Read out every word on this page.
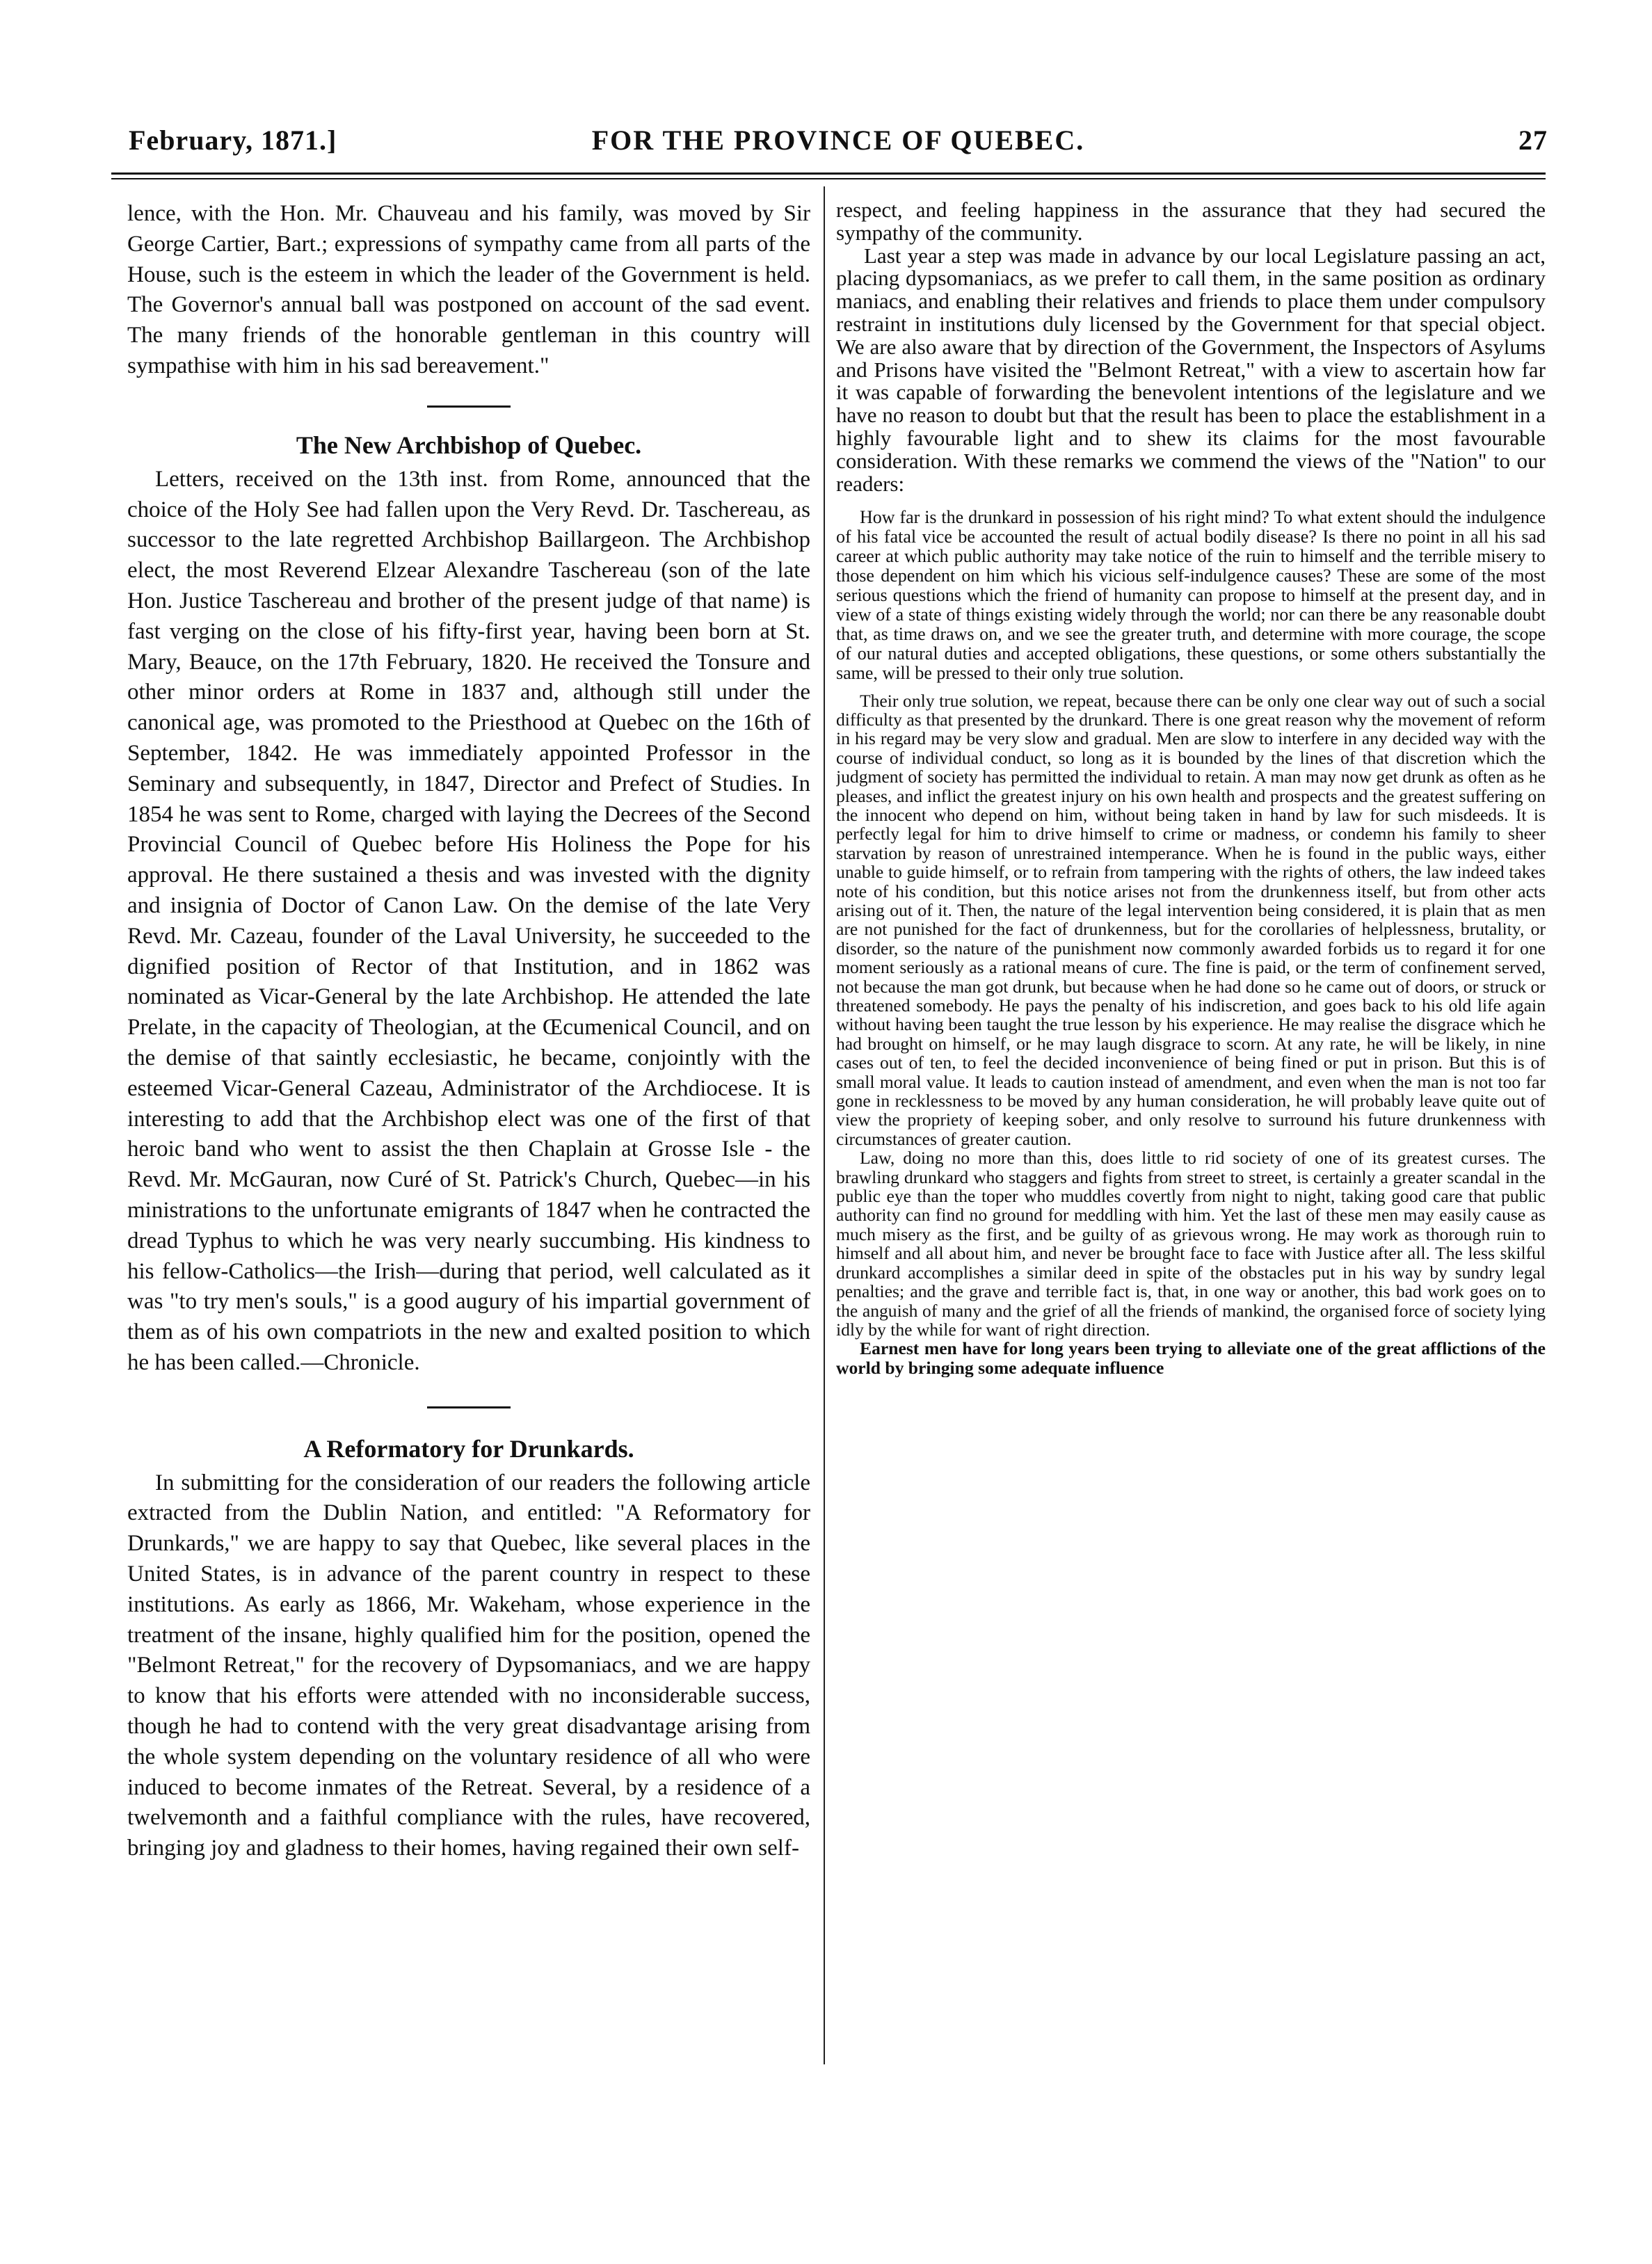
February, 1871.]	FOR THE PROVINCE OF QUEBEC.	27

lence, with the Hon. Mr. Chauveau and his family, was moved by Sir George Cartier, Bart.; expressions of sympathy came from all parts of the House, such is the esteem in which the leader of the Government is held. The Governor's annual ball was postponed on account of the sad event. The many friends of the honorable gentleman in this country will sympathise with him in his sad bereavement."

The New Archbishop of Quebec.

Letters, received on the 13th inst. from Rome, announced that the choice of the Holy See had fallen upon the Very Revd. Dr. Taschereau, as successor to the late regretted Archbishop Baillargeon. The Archbishop elect, the most Reverend Elzear Alexandre Taschereau (son of the late Hon. Justice Taschereau and brother of the present judge of that name) is fast verging on the close of his fifty-first year, having been born at St. Mary, Beauce, on the 17th February, 1820. He received the Tonsure and other minor orders at Rome in 1837 and, although still under the canonical age, was promoted to the Priesthood at Quebec on the 16th of September, 1842. He was immediately appointed Professor in the Seminary and subsequently, in 1847, Director and Prefect of Studies. In 1854 he was sent to Rome, charged with laying the Decrees of the Second Provincial Council of Quebec before His Holiness the Pope for his approval. He there sustained a thesis and was invested with the dignity and insignia of Doctor of Canon Law. On the demise of the late Very Revd. Mr. Cazeau, founder of the Laval University, he succeeded to the dignified position of Rector of that Institution, and in 1862 was nominated as Vicar-General by the late Archbishop. He attended the late Prelate, in the capacity of Theologian, at the Œcumenical Council, and on the demise of that saintly ecclesiastic, he became, conjointly with the esteemed Vicar-General Cazeau, Administrator of the Archdiocese. It is interesting to add that the Archbishop elect was one of the first of that heroic band who went to assist the then Chaplain at Grosse Isle - the Revd. Mr. McGauran, now Curé of St. Patrick's Church, Quebec—in his ministrations to the unfortunate emigrants of 1847 when he contracted the dread Typhus to which he was very nearly succumbing. His kindness to his fellow-Catholics—the Irish—during that period, well calculated as it was "to try men's souls," is a good augury of his impartial government of them as of his own compatriots in the new and exalted position to which he has been called.—Chronicle.

A Reformatory for Drunkards.

In submitting for the consideration of our readers the following article extracted from the Dublin Nation, and entitled: "A Reformatory for Drunkards," we are happy to say that Quebec, like several places in the United States, is in advance of the parent country in respect to these institutions. As early as 1866, Mr. Wakeham, whose experience in the treatment of the insane, highly qualified him for the position, opened the "Belmont Retreat," for the recovery of Dypsomaniacs, and we are happy to know that his efforts were attended with no inconsiderable success, though he had to contend with the very great disadvantage arising from the whole system depending on the voluntary residence of all who were induced to become inmates of the Retreat. Several, by a residence of a twelvemonth and a faithful compliance with the rules, have recovered, bringing joy and gladness to their homes, having regained their own self-

respect, and feeling happiness in the assurance that they had secured the sympathy of the community.

Last year a step was made in advance by our local Legislature passing an act, placing dypsomaniacs, as we prefer to call them, in the same position as ordinary maniacs, and enabling their relatives and friends to place them under compulsory restraint in institutions duly licensed by the Government for that special object. We are also aware that by direction of the Government, the Inspectors of Asylums and Prisons have visited the "Belmont Retreat," with a view to ascertain how far it was capable of forwarding the benevolent intentions of the legislature and we have no reason to doubt but that the result has been to place the establishment in a highly favourable light and to shew its claims for the most favourable consideration. With these remarks we commend the views of the "Nation" to our readers:

How far is the drunkard in possession of his right mind? To what extent should the indulgence of his fatal vice be accounted the result of actual bodily disease? Is there no point in all his sad career at which public authority may take notice of the ruin to himself and the terrible misery to those dependent on him which his vicious self-indulgence causes? These are some of the most serious questions which the friend of humanity can propose to himself at the present day, and in view of a state of things existing widely through the world; nor can there be any reasonable doubt that, as time draws on, and we see the greater truth, and determine with more courage, the scope of our natural duties and accepted obligations, these questions, or some others substantially the same, will be pressed to their only true solution.

Their only true solution, we repeat, because there can be only one clear way out of such a social difficulty as that presented by the drunkard. There is one great reason why the movement of reform in his regard may be very slow and gradual. Men are slow to interfere in any decided way with the course of individual conduct, so long as it is bounded by the lines of that discretion which the judgment of society has permitted the individual to retain. A man may now get drunk as often as he pleases, and inflict the greatest injury on his own health and prospects and the greatest suffering on the innocent who depend on him, without being taken in hand by law for such misdeeds. It is perfectly legal for him to drive himself to crime or madness, or condemn his family to sheer starvation by reason of unrestrained intemperance. When he is found in the public ways, either unable to guide himself, or to refrain from tampering with the rights of others, the law indeed takes note of his condition, but this notice arises not from the drunkenness itself, but from other acts arising out of it. Then, the nature of the legal intervention being considered, it is plain that as men are not punished for the fact of drunkenness, but for the corollaries of helplessness, brutality, or disorder, so the nature of the punishment now commonly awarded forbids us to regard it for one moment seriously as a rational means of cure. The fine is paid, or the term of confinement served, not because the man got drunk, but because when he had done so he came out of doors, or struck or threatened somebody. He pays the penalty of his indiscretion, and goes back to his old life again without having been taught the true lesson by his experience. He may realise the disgrace which he had brought on himself, or he may laugh disgrace to scorn. At any rate, he will be likely, in nine cases out of ten, to feel the decided inconvenience of being fined or put in prison. But this is of small moral value. It leads to caution instead of amendment, and even when the man is not too far gone in recklessness to be moved by any human consideration, he will probably leave quite out of view the propriety of keeping sober, and only resolve to surround his future drunkenness with circumstances of greater caution.

Law, doing no more than this, does little to rid society of one of its greatest curses. The brawling drunkard who staggers and fights from street to street, is certainly a greater scandal in the public eye than the toper who muddles covertly from night to night, taking good care that public authority can find no ground for meddling with him. Yet the last of these men may easily cause as much misery as the first, and be guilty of as grievous wrong. He may work as thorough ruin to himself and all about him, and never be brought face to face with Justice after all. The less skilful drunkard accomplishes a similar deed in spite of the obstacles put in his way by sundry legal penalties; and the grave and terrible fact is, that, in one way or another, this bad work goes on to the anguish of many and the grief of all the friends of mankind, the organised force of society lying idly by the while for want of right direction.

Earnest men have for long years been trying to alleviate one of the great afflictions of the world by bringing some adequate influence
